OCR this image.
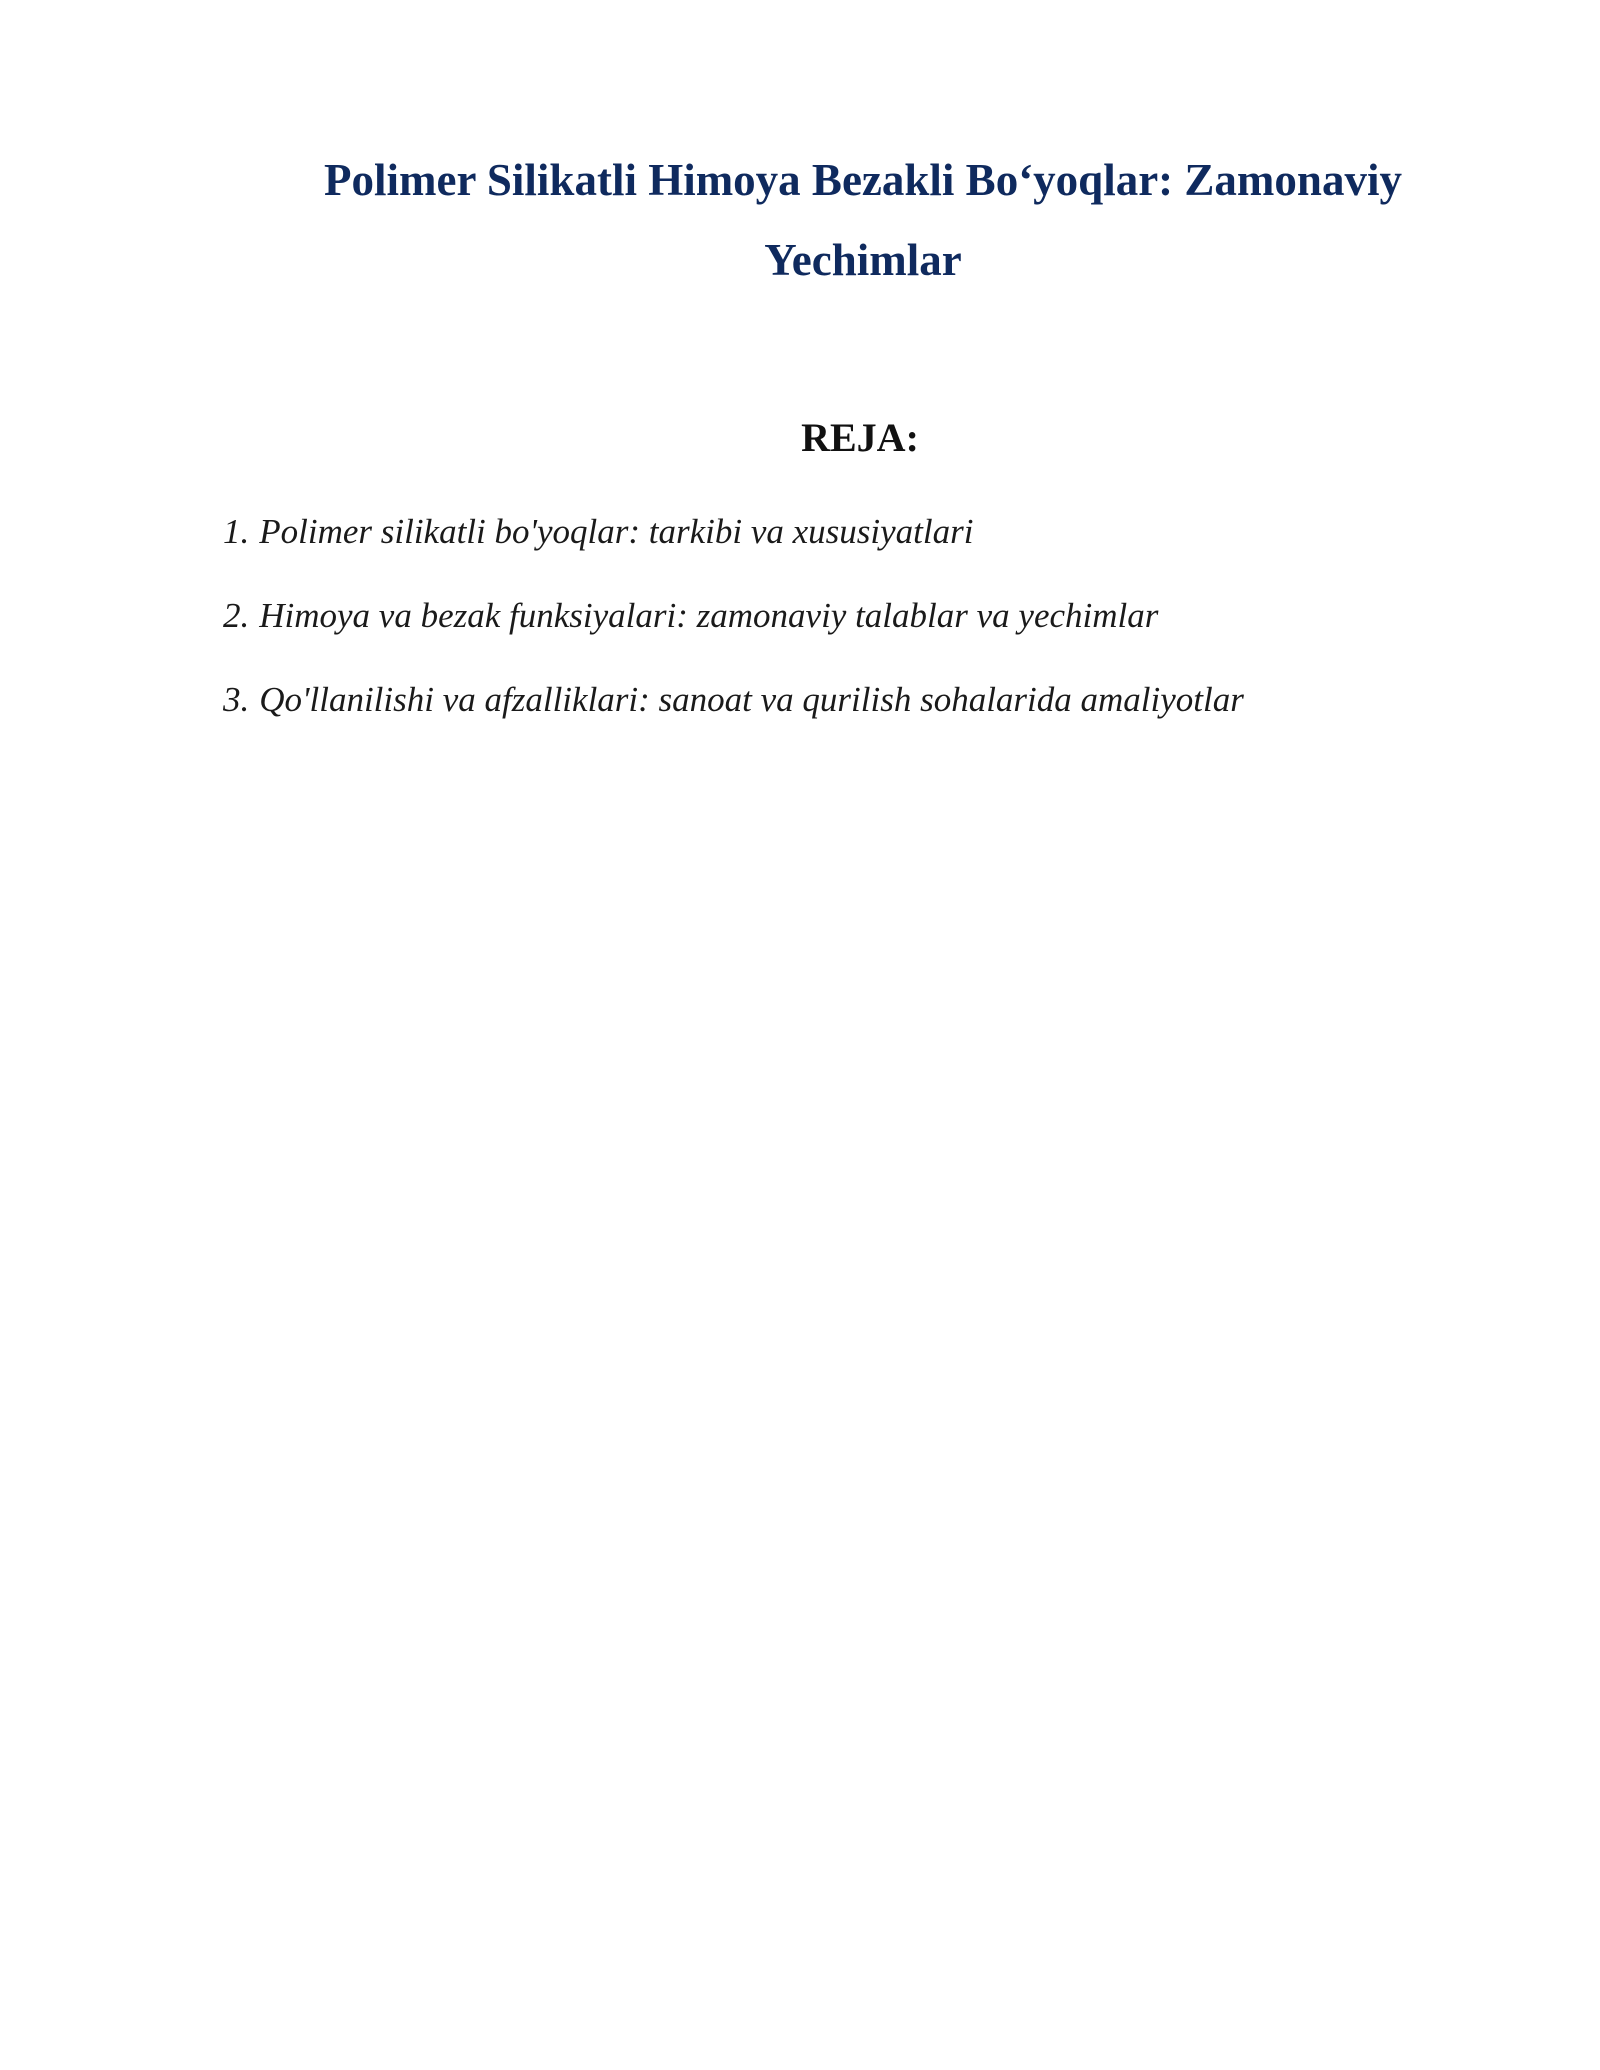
Polimer Silikatli Himoya Bezakli Bo‘yoqlar: Zamonaviy Yechimlar
REJA:
1. Polimer silikatli bo'yoqlar: tarkibi va xususiyatlari
2. Himoya va bezak funksiyalari: zamonaviy talablar va yechimlar
3. Qo'llanilishi va afzalliklari: sanoat va qurilish sohalarida amaliyotlar
